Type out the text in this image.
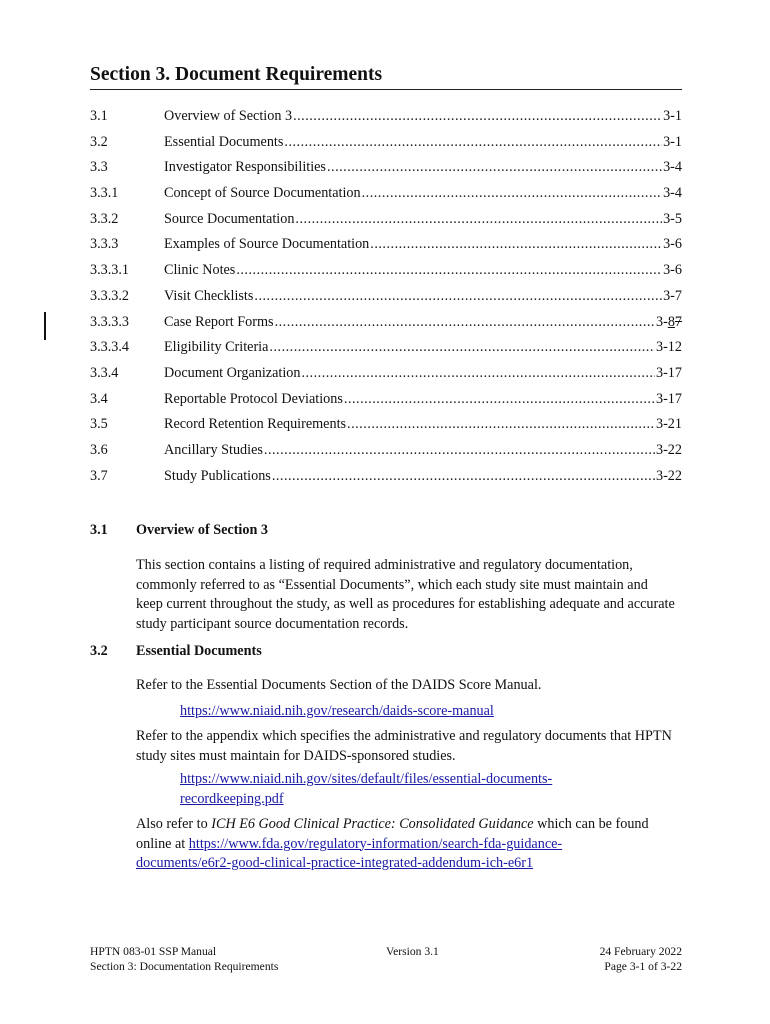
Section 3. Document Requirements
3.1	Overview of Section 3 .....	3-1
3.2	Essential Documents .....	3-1
3.3	Investigator Responsibilities .....	3-4
3.3.1	Concept of Source Documentation .....	3-4
3.3.2	Source Documentation .....	3-5
3.3.3	Examples of Source Documentation .....	3-6
3.3.3.1	Clinic Notes .....	3-6
3.3.3.2	Visit Checklists .....	3-7
3.3.3.3	Case Report Forms .....	3-87
3.3.3.4	Eligibility Criteria .....	3-12
3.3.4	Document Organization .....	3-17
3.4	Reportable Protocol Deviations .....	3-17
3.5	Record Retention Requirements .....	3-21
3.6	Ancillary Studies .....	3-22
3.7	Study Publications .....	3-22
3.1 Overview of Section 3

This section contains a listing of required administrative and regulatory documentation, commonly referred to as “Essential Documents”, which each study site must maintain and keep current throughout the study, as well as procedures for establishing adequate and accurate study participant source documentation records.

3.2 Essential Documents

Refer to the Essential Documents Section of the DAIDS Score Manual.

https://www.niaid.nih.gov/research/daids-score-manual

Refer to the appendix which specifies the administrative and regulatory documents that HPTN study sites must maintain for DAIDS-sponsored studies.

https://www.niaid.nih.gov/sites/default/files/essential-documents-recordkeeping.pdf

Also refer to ICH E6 Good Clinical Practice: Consolidated Guidance which can be found online at https://www.fda.gov/regulatory-information/search-fda-guidance-documents/e6r2-good-clinical-practice-integrated-addendum-ich-e6r1

HPTN 083-01 SSP Manual
Section 3: Documentation Requirements
Version 3.1	24 February 2022
Page 3-1 of 3-22
